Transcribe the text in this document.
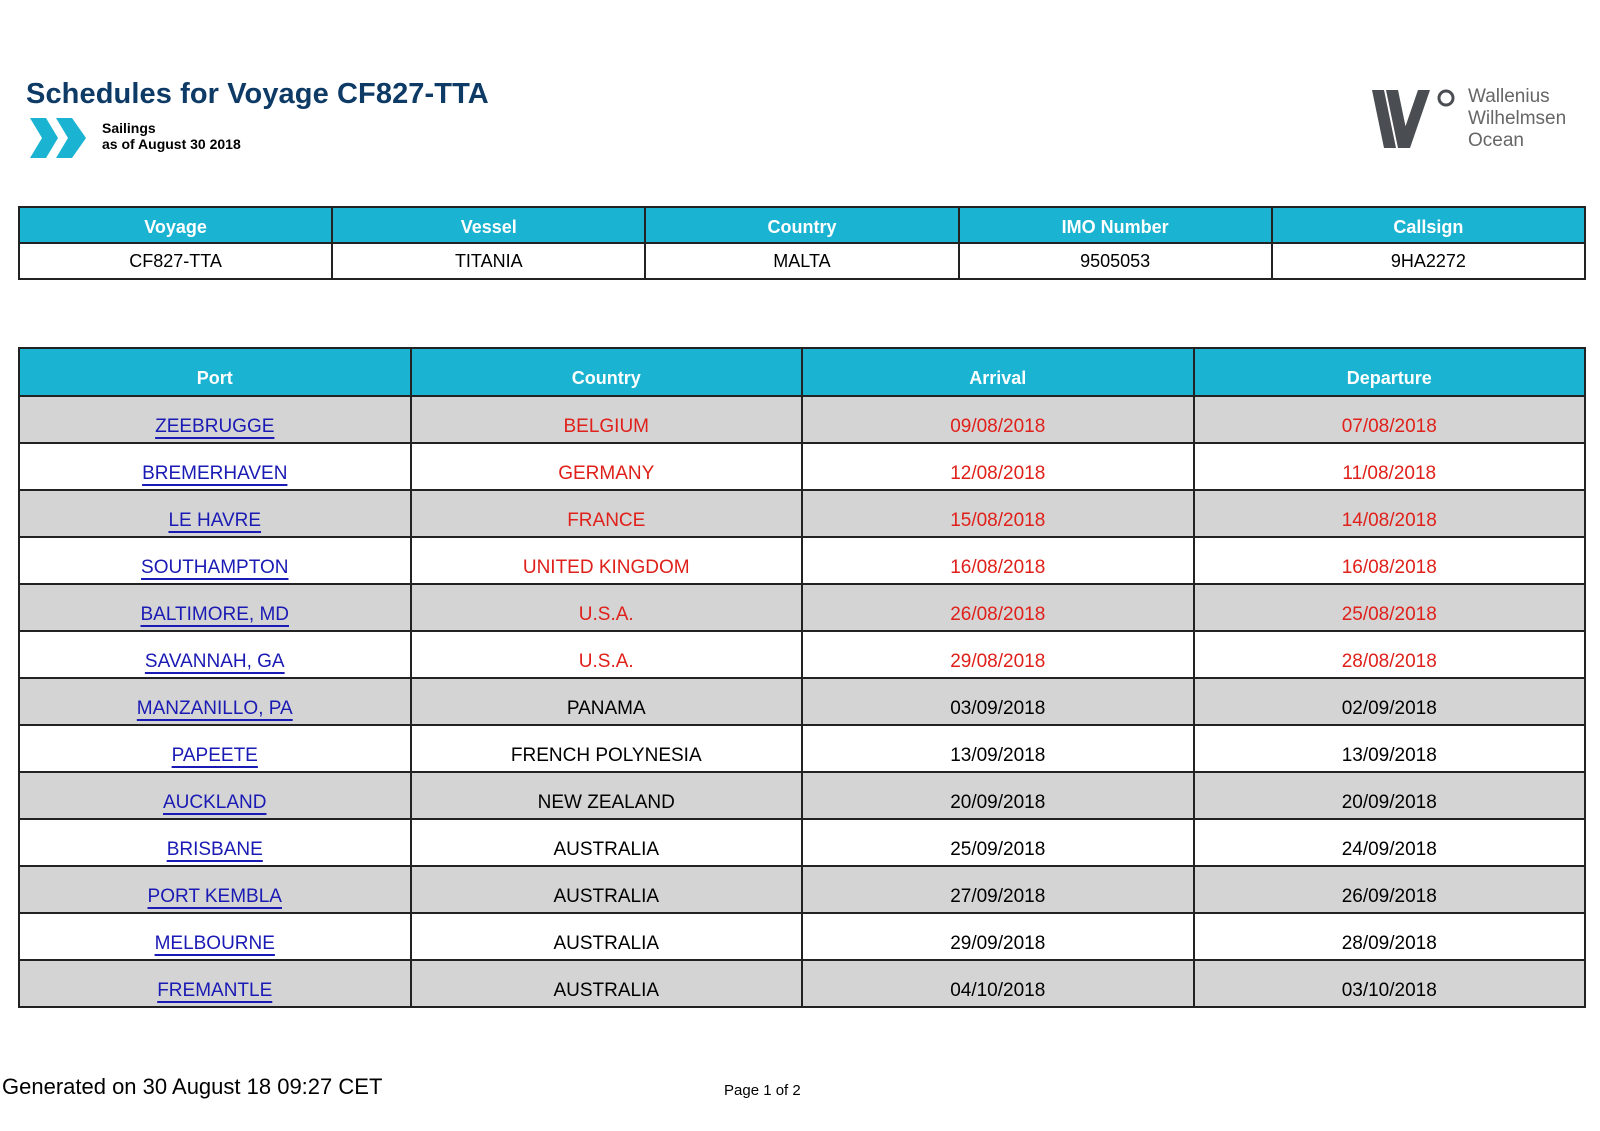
Schedules for Voyage CF827-TTA
Sailings
as of August 30 2018
Wallenius
Wilhelmsen
Ocean
Voyage	Vessel	Country	IMO Number	Callsign
CF827-TTA	TITANIA	MALTA	9505053	9HA2272
Port	Country	Arrival	Departure
ZEEBRUGGE	BELGIUM	09/08/2018	07/08/2018
BREMERHAVEN	GERMANY	12/08/2018	11/08/2018
LE HAVRE	FRANCE	15/08/2018	14/08/2018
SOUTHAMPTON	UNITED KINGDOM	16/08/2018	16/08/2018
BALTIMORE, MD	U.S.A.	26/08/2018	25/08/2018
SAVANNAH, GA	U.S.A.	29/08/2018	28/08/2018
MANZANILLO, PA	PANAMA	03/09/2018	02/09/2018
PAPEETE	FRENCH POLYNESIA	13/09/2018	13/09/2018
AUCKLAND	NEW ZEALAND	20/09/2018	20/09/2018
BRISBANE	AUSTRALIA	25/09/2018	24/09/2018
PORT KEMBLA	AUSTRALIA	27/09/2018	26/09/2018
MELBOURNE	AUSTRALIA	29/09/2018	28/09/2018
FREMANTLE	AUSTRALIA	04/10/2018	03/10/2018
Generated on 30 August 18 09:27 CET	Page 1 of 2
